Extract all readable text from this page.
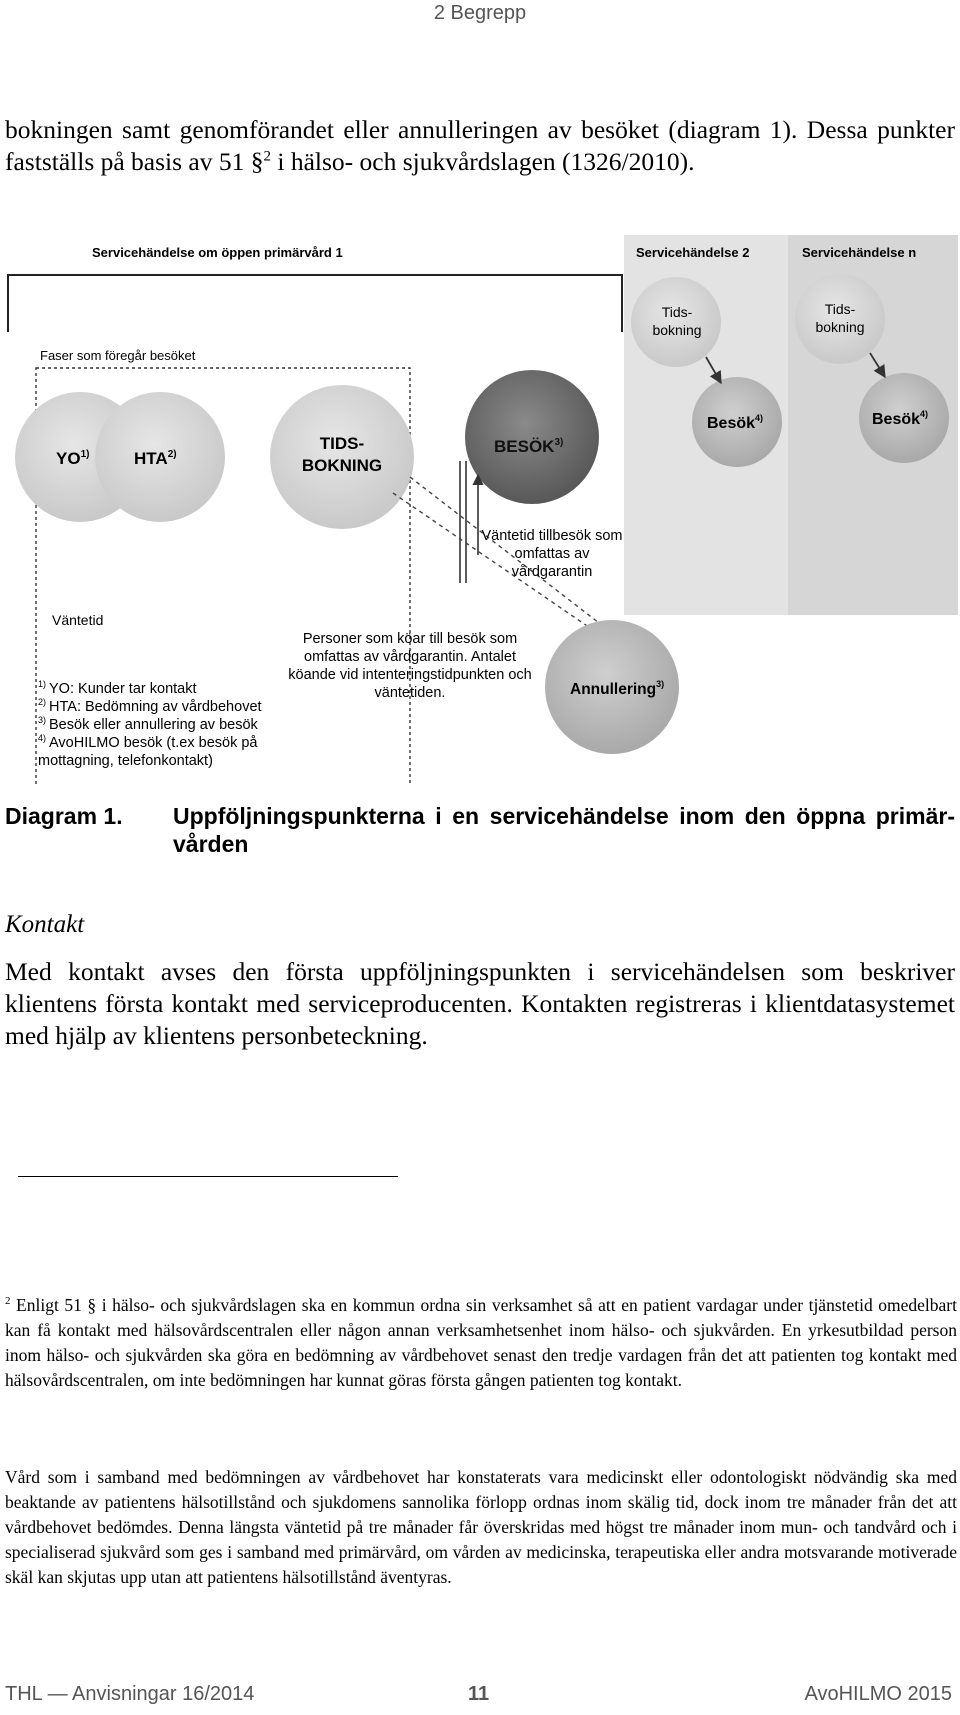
2 Begrepp

bokningen samt genomförandet eller annulleringen av besöket (diagram 1). Dessa punkter fastställs på basis av 51 §$^2$ i hälso- och sjukvårdslagen (1326/2010).

Servicehändelse om öppen primärvård 1	Servicehändelse 2	Servicehändelse n
Faser som föregår besöket
YO$^{1)}$	HTA$^{2)}$
TIDS-BOKNING
BESÖK$^{3)}$
Tids-bokning
Besök$^{4)}$
Tids-bokning
Besök$^{4)}$
Väntetid tillbesök som omfattas av vårdgarantin
Väntetid
Personer som köar till besök som omfattas av vårdgarantin. Antalet köande vid intenteringstidpunkten och väntetiden.	Annullering$^{3)}$
$^{1)}$ YO: Kunder tar kontakt
$^{2)}$ HTA: Bedömning av vårdbehovet
$^{3)}$ Besök eller annullering av besök
$^{4)}$ AvoHILMO besök (t.ex besök på
mottagning, telefonkontakt)
Diagram 1. Uppföljningspunkterna i en servicehändelse inom den öppna primär-
vården
Kontakt

Med kontakt avses den första uppföljningspunkten i servicehändelsen som beskriver klientens första kontakt med serviceproducenten. Kontakten registreras i klientdatasystemet med hjälp av klientens personbeteckning.

$^2$ Enligt 51 § i hälso- och sjukvårdslagen ska en kommun ordna sin verksamhet så att en patient vardagar under tjänstetid omedelbart kan få kontakt med hälsovårdscentralen eller någon annan verksamhetsenhet inom hälso- och sjukvården. En yrkesutbildad person inom hälso- och sjukvården ska göra en bedömning av vårdbehovet senast den tredje vardagen från det att patienten tog kontakt med hälsovårdscentralen, om inte bedömningen har kunnat göras första gången patienten tog kontakt.

Vård som i samband med bedömningen av vårdbehovet har konstaterats vara medicinskt eller odontologiskt nödvändig ska med beaktande av patientens hälsotillstånd och sjukdomens sannolika förlopp ordnas inom skälig tid, dock inom tre månader från det att vårdbehovet bedömdes. Denna längsta väntetid på tre månader får överskridas med högst tre månader inom mun- och tandvård och i specialiserad sjukvård som ges i samband med primärvård, om vården av medicinska, terapeutiska eller andra motsvarande motiverade skäl kan skjutas upp utan att patientens hälsotillstånd äventyras.

THL — Anvisningar 16/2014	11	AvoHILMO 2015
